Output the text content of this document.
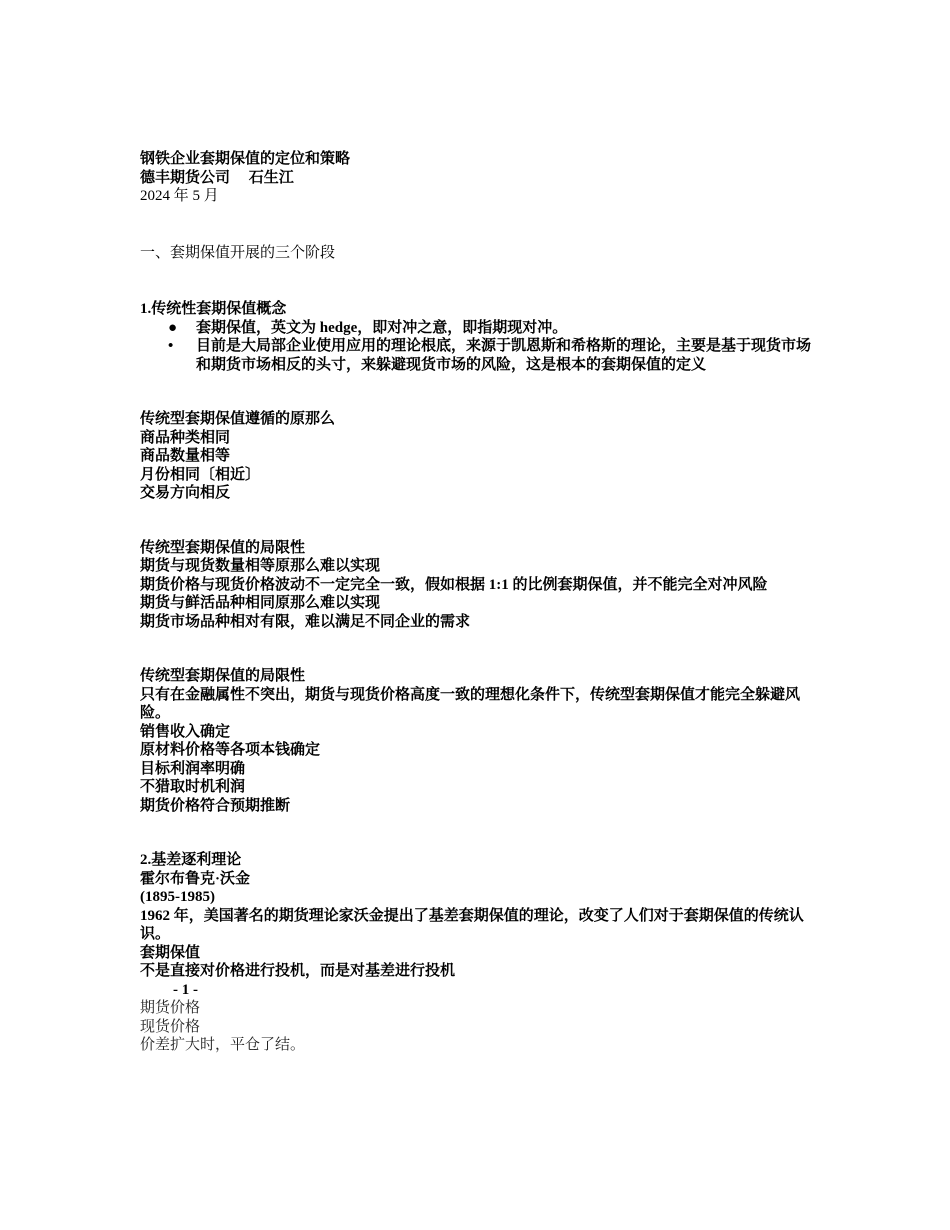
钢铁企业套期保值的定位和策略

德丰期货公司　 石生江

2024 年 5 月

一、套期保值开展的三个阶段

1.传统性套期保值概念

●	套期保值，英文为 hedge，即对冲之意，即指期现对冲。
•	目前是大局部企业使用应用的理论根底，来源于凯恩斯和希格斯的理论，主要是基于现货市场和期货市场相反的头寸，来躲避现货市场的风险，这是根本的套期保值的定义

传统型套期保值遵循的原那么

商品种类相同

商品数量相等

月份相同〔相近〕

交易方向相反

传统型套期保值的局限性

期货与现货数量相等原那么难以实现

期货价格与现货价格波动不一定完全一致，假如根据 1:1 的比例套期保值，并不能完全对冲风险

期货与鲜活品种相同原那么难以实现

期货市场品种相对有限，难以满足不同企业的需求

传统型套期保值的局限性

只有在金融属性不突出，期货与现货价格高度一致的理想化条件下，传统型套期保值才能完全躲避风险。

销售收入确定

原材料价格等各项本钱确定

目标利润率明确

不猎取时机利润

期货价格符合预期推断

2.基差逐利理论

霍尔布鲁克·沃金

(1895-1985)

1962 年，美国著名的期货理论家沃金提出了基差套期保值的理论，改变了人们对于套期保值的传统认识。

套期保值

不是直接对价格进行投机，而是对基差进行投机

- 1 -

期货价格

现货价格

价差扩大时，平仓了结。
